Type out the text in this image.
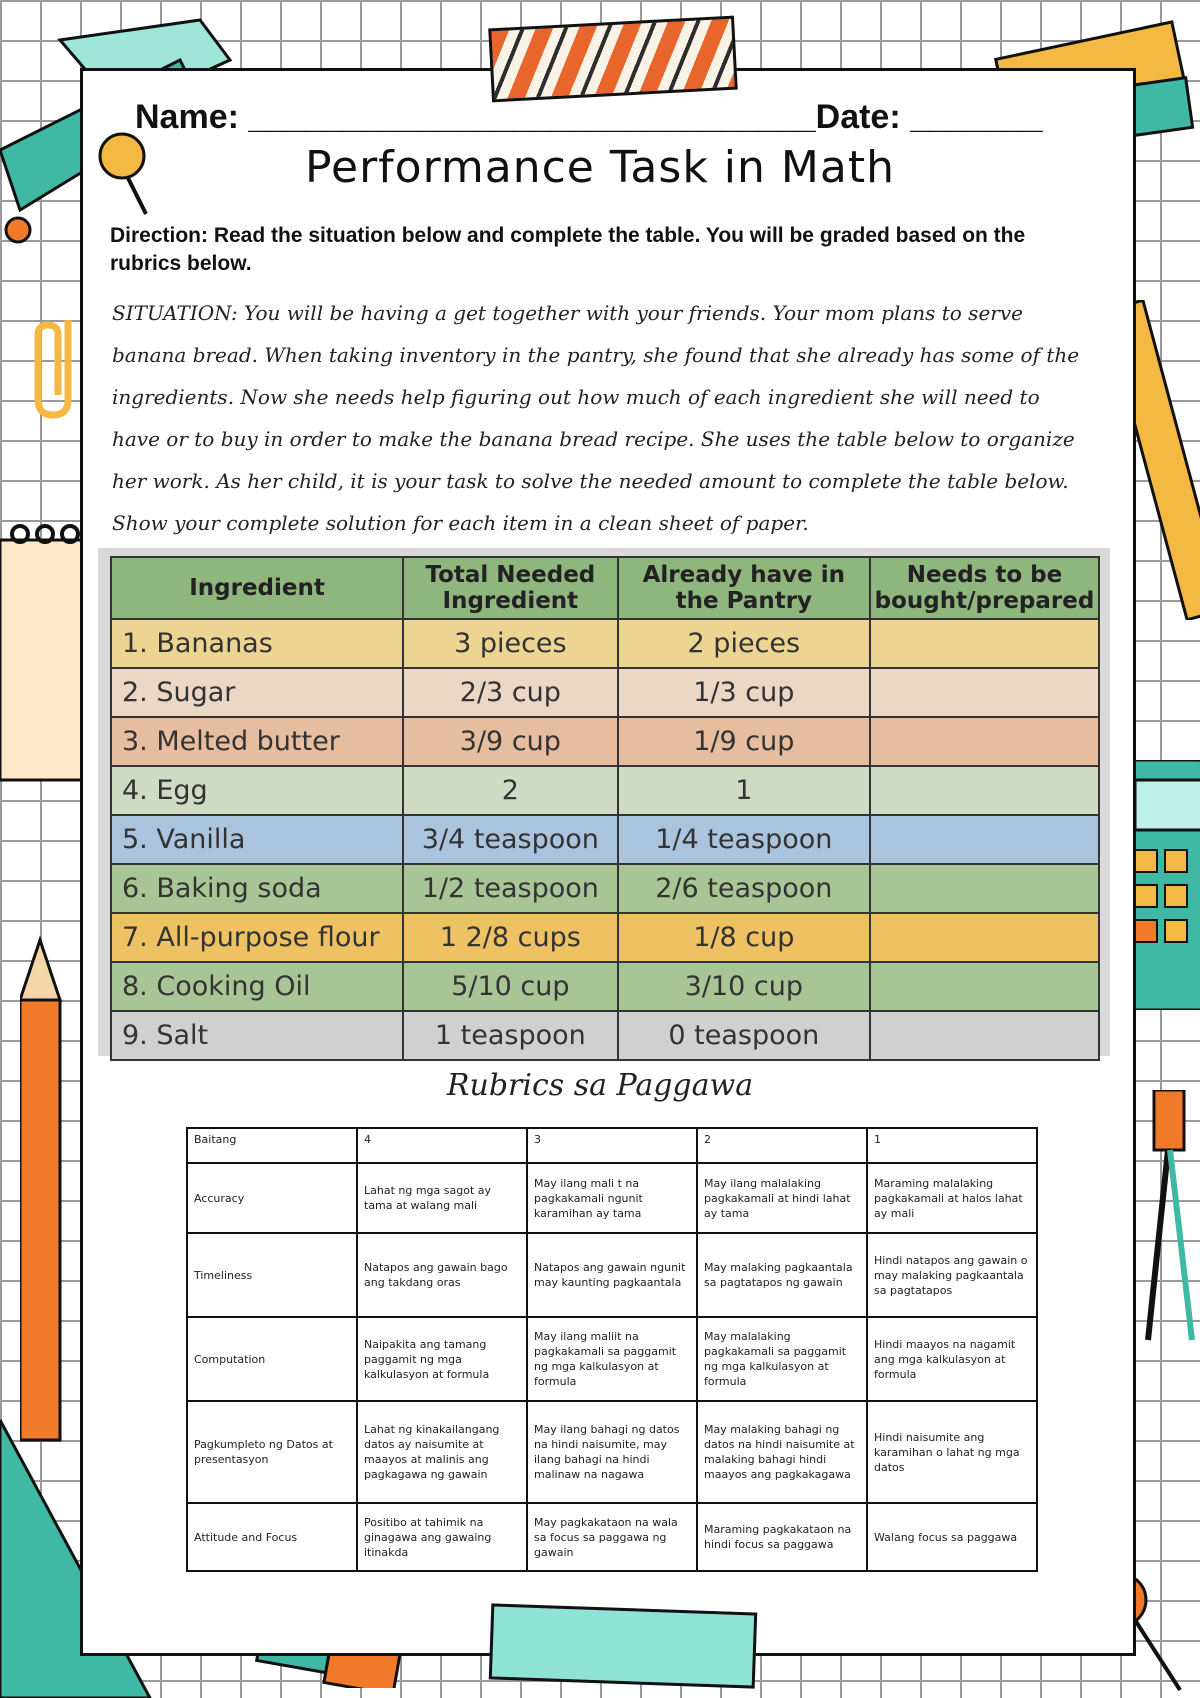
Name: ______________________________Date: _______
Performance Task in Math
Direction: Read the situation below and complete the table. You will be graded based on the rubrics below.
SITUATION: You will be having a get together with your friends. Your mom plans to serve banana bread. When taking inventory in the pantry, she found that she already has some of the ingredients. Now she needs help figuring out how much of each ingredient she will need to have or to buy in order to make the banana bread recipe. She uses the table below to organize her work. As her child, it is your task to solve the needed amount to complete the table below. Show your complete solution for each item in a clean sheet of paper.
Ingredient	Total Needed Ingredient	Already have in the Pantry	Needs to be bought/prepared
1. Bananas	3 pieces	2 pieces	
2. Sugar	2/3 cup	1/3 cup	
3. Melted butter	3/9 cup	1/9 cup	
4. Egg	2	1	
5. Vanilla	3/4 teaspoon	1/4 teaspoon	
6. Baking soda	1/2 teaspoon	2/6 teaspoon	
7. All-purpose flour	1 2/8 cups	1/8 cup	
8. Cooking Oil	5/10 cup	3/10 cup	
9. Salt	1 teaspoon	0 teaspoon	
Rubrics sa Paggawa
Baitang	4	3	2	1
Accuracy	Lahat ng mga sagot ay tama at walang mali	May ilang mali t na pagkakamali ngunit karamihan ay tama	May ilang malalaking pagkakamali at hindi lahat ay tama	Maraming malalaking pagkakamali at halos lahat ay mali
Timeliness	Natapos ang gawain bago ang takdang oras	Natapos ang gawain ngunit may kaunting pagkaantala	May malaking pagkaantala sa pagtatapos ng gawain	Hindi natapos ang gawain o may malaking pagkaantala sa pagtatapos
Computation	Naipakita ang tamang paggamit ng mga kalkulasyon at formula	May ilang maliit na pagkakamali sa paggamit ng mga kalkulasyon at formula	May malalaking pagkakamali sa paggamit ng mga kalkulasyon at formula	Hindi maayos na nagamit ang mga kalkulasyon at formula
Pagkumpleto ng Datos at presentasyon	Lahat ng kinakailangang datos ay naisumite at maayos at malinis ang pagkagawa ng gawain	May ilang bahagi ng datos na hindi naisumite, may ilang bahagi na hindi malinaw na nagawa	May malaking bahagi ng datos na hindi naisumite at malaking bahagi hindi maayos ang pagkakagawa	Hindi naisumite ang karamihan o lahat ng mga datos
Attitude and Focus	Positibo at tahimik na ginagawa ang gawaing itinakda	May pagkakataon na wala sa focus sa paggawa ng gawain	Maraming pagkakataon na hindi focus sa paggawa	Walang focus sa paggawa
